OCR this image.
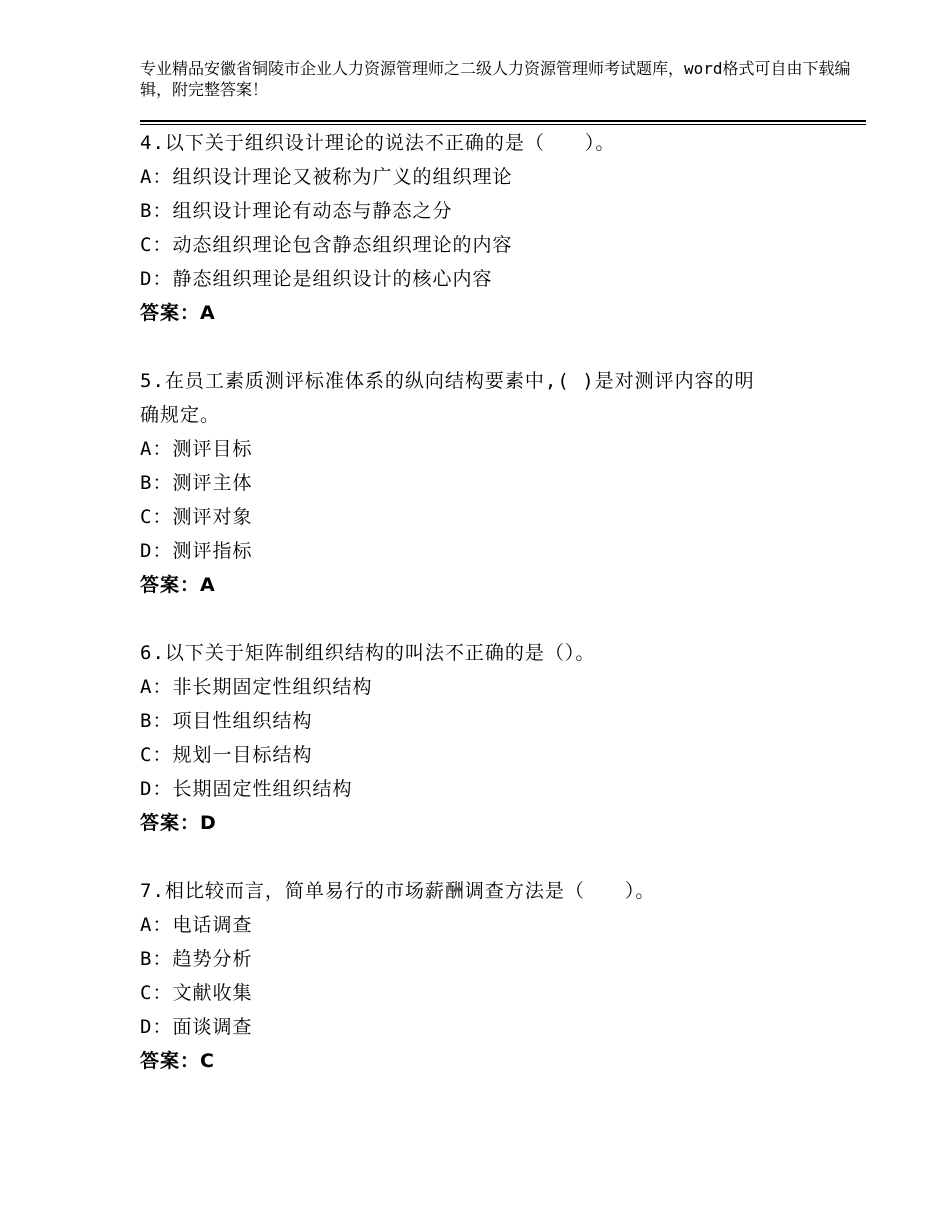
专业精品安徽省铜陵市企业人力资源管理师之二级人力资源管理师考试题库，word格式可自由下载编辑，附完整答案！
4.以下关于组织设计理论的说法不正确的是（　　）。
A：组织设计理论又被称为广义的组织理论
B：组织设计理论有动态与静态之分
C：动态组织理论包含静态组织理论的内容
D：静态组织理论是组织设计的核心内容
答案：A
5.在员工素质测评标准体系的纵向结构要素中,( )是对测评内容的明
确规定。
A：测评目标
B：测评主体
C：测评对象
D：测评指标
答案：A
6.以下关于矩阵制组织结构的叫法不正确的是（）。
A：非长期固定性组织结构
B：项目性组织结构
C：规划一目标结构
D：长期固定性组织结构
答案：D
7.相比较而言，简单易行的市场薪酬调查方法是（　　）。
A：电话调查
B：趋势分析
C：文献收集
D：面谈调查
答案：C
